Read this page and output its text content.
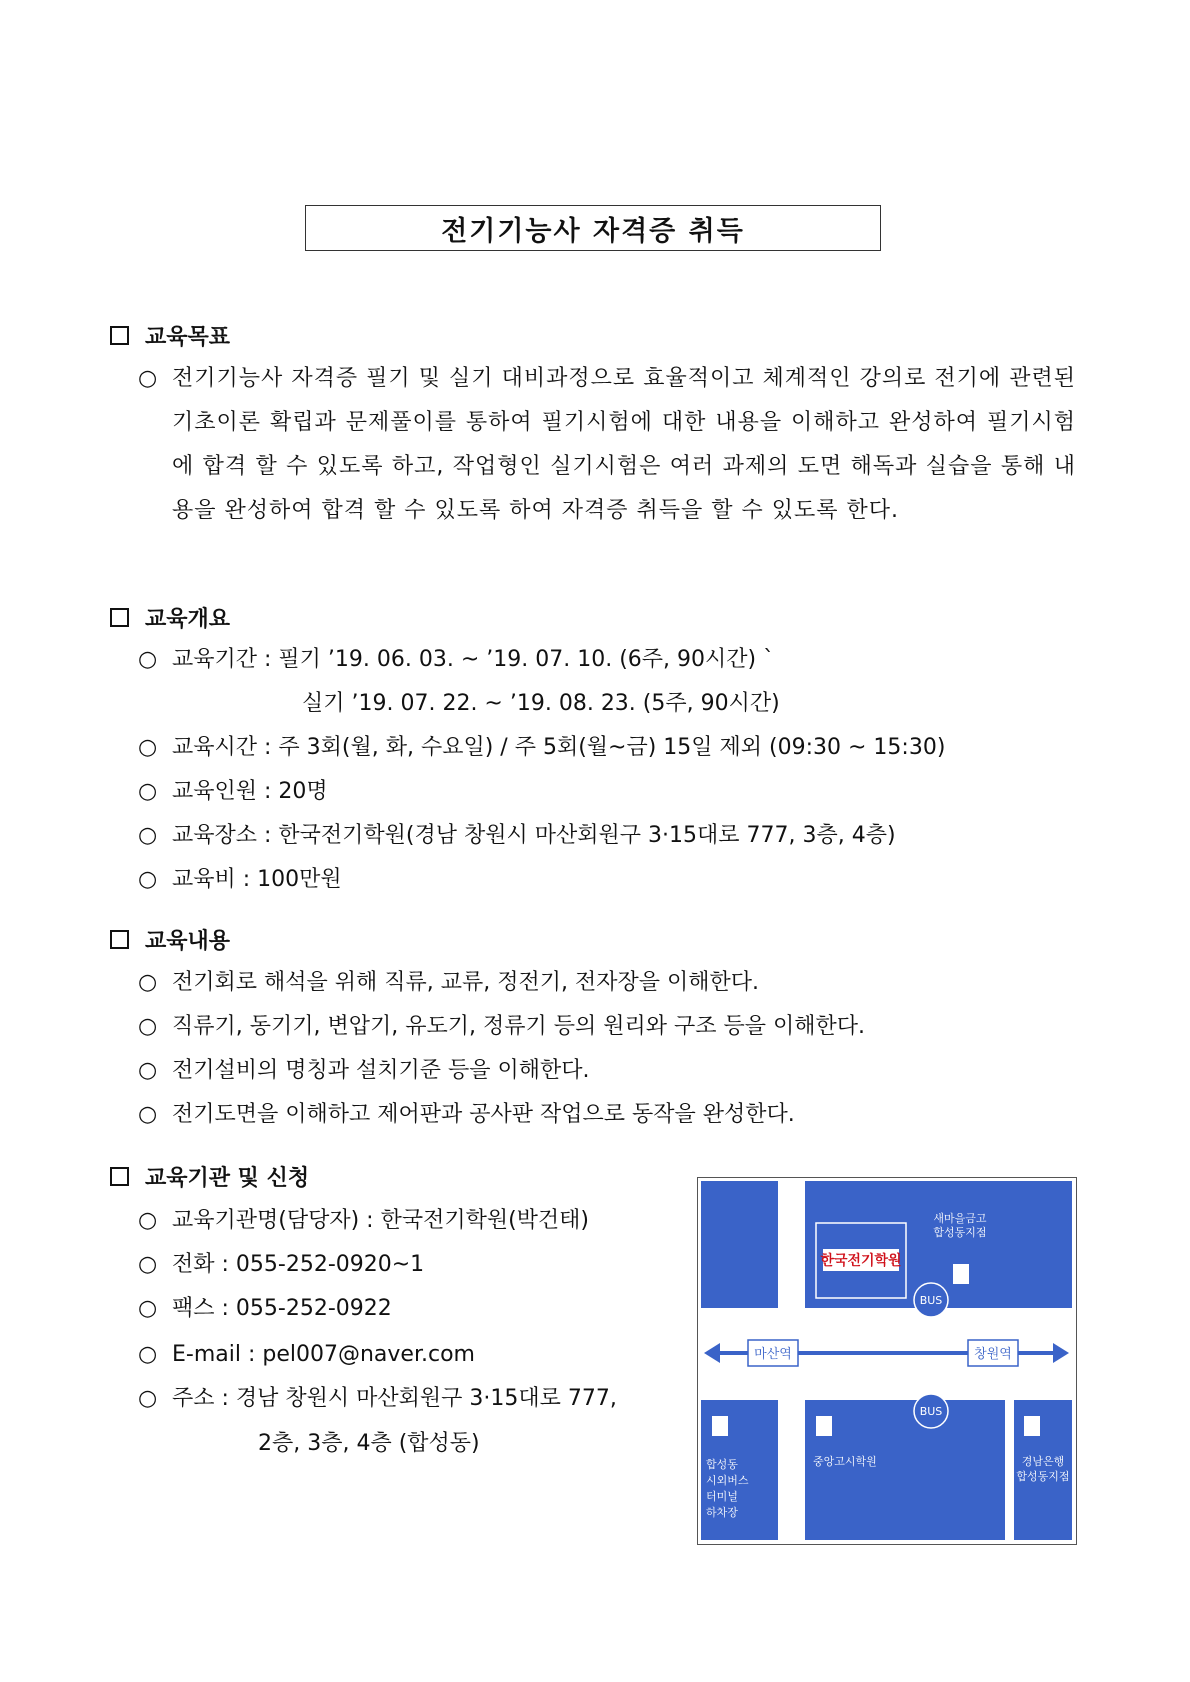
전기기능사 자격증 취득
교육목표
○ 전기기능사 자격증 필기 및 실기 대비과정으로 효율적이고 체계적인 강의로 전기에 관련된 기초이론 확립과 문제풀이를 통하여 필기시험에 대한 내용을 이해하고 완성하여 필기시험에 합격 할 수 있도록 하고, 작업형인 실기시험은 여러 과제의 도면 해독과 실습을 통해 내용을 완성하여 합격 할 수 있도록 하여 자격증 취득을 할 수 있도록 한다.
교육개요
○ 교육기간 : 필기 ’19. 06. 03. ~ ’19. 07. 10. (6주, 90시간) `
실기 ’19. 07. 22. ~ ’19. 08. 23. (5주, 90시간)
○ 교육시간 : 주 3회(월, 화, 수요일) / 주 5회(월~금) 15일 제외 (09:30 ~ 15:30)
○ 교육인원 : 20명
○ 교육장소 : 한국전기학원(경남 창원시 마산회원구 3·15대로 777, 3층, 4층)
○ 교육비 : 100만원
교육내용
○ 전기회로 해석을 위해 직류, 교류, 정전기, 전자장을 이해한다.
○ 직류기, 동기기, 변압기, 유도기, 정류기 등의 원리와 구조 등을 이해한다.
○ 전기설비의 명칭과 설치기준 등을 이해한다.
○ 전기도면을 이해하고 제어판과 공사판 작업으로 동작을 완성한다.
교육기관 및 신청
○ 교육기관명(담당자) : 한국전기학원(박건태)
○ 전화 : 055-252-0920~1
○ 팩스 : 055-252-0922
○ E-mail : pel007@naver.com
○ 주소 : 경남 창원시 마산회원구 3·15대로 777,
2층, 3층, 4층 (합성동)
한국전기학원
새마을금고
합성동지점
BUS
마산역	창원역
BUS
합성동
시외버스
터미널
하차장
중앙고시학원	경남은행
합성동지점
